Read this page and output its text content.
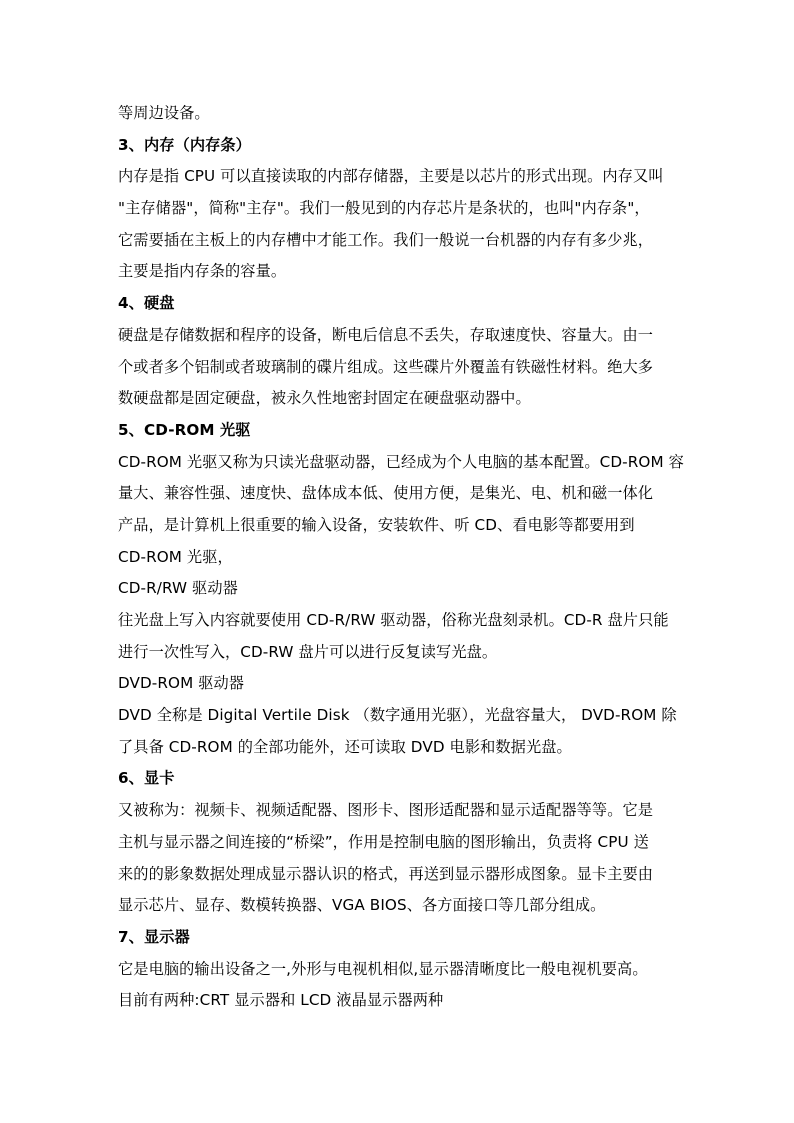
等周边设备。
3、内存（内存条）
内存是指 CPU 可以直接读取的内部存储器，主要是以芯片的形式出现。内存又叫
"主存储器"，简称"主存"。我们一般见到的内存芯片是条状的，也叫"内存条"，
它需要插在主板上的内存槽中才能工作。我们一般说一台机器的内存有多少兆，
主要是指内存条的容量。
4、硬盘
硬盘是存储数据和程序的设备，断电后信息不丢失，存取速度快、容量大。由一
个或者多个铝制或者玻璃制的碟片组成。这些碟片外覆盖有铁磁性材料。绝大多
数硬盘都是固定硬盘，被永久性地密封固定在硬盘驱动器中。
5、CD-ROM 光驱
CD-ROM 光驱又称为只读光盘驱动器，已经成为个人电脑的基本配置。CD-ROM 容
量大、兼容性强、速度快、盘体成本低、使用方便，是集光、电、机和磁一体化
产品，是计算机上很重要的输入设备，安装软件、听 CD、看电影等都要用到
CD-ROM 光驱，
CD-R/RW 驱动器
往光盘上写入内容就要使用 CD-R/RW 驱动器，俗称光盘刻录机。CD-R 盘片只能
进行一次性写入，CD-RW 盘片可以进行反复读写光盘。
DVD-ROM 驱动器
DVD 全称是 Digital Vertile Disk （数字通用光驱），光盘容量大， DVD-ROM 除
了具备 CD-ROM 的全部功能外，还可读取 DVD 电影和数据光盘。
6、显卡
又被称为：视频卡、视频适配器、图形卡、图形适配器和显示适配器等等。它是
主机与显示器之间连接的“桥梁”，作用是控制电脑的图形输出，负责将 CPU 送
来的的影象数据处理成显示器认识的格式，再送到显示器形成图象。显卡主要由
显示芯片、显存、数模转换器、VGA BIOS、各方面接口等几部分组成。
7、显示器
它是电脑的输出设备之一,外形与电视机相似,显示器清晰度比一般电视机要高。
目前有两种:CRT 显示器和 LCD 液晶显示器两种
